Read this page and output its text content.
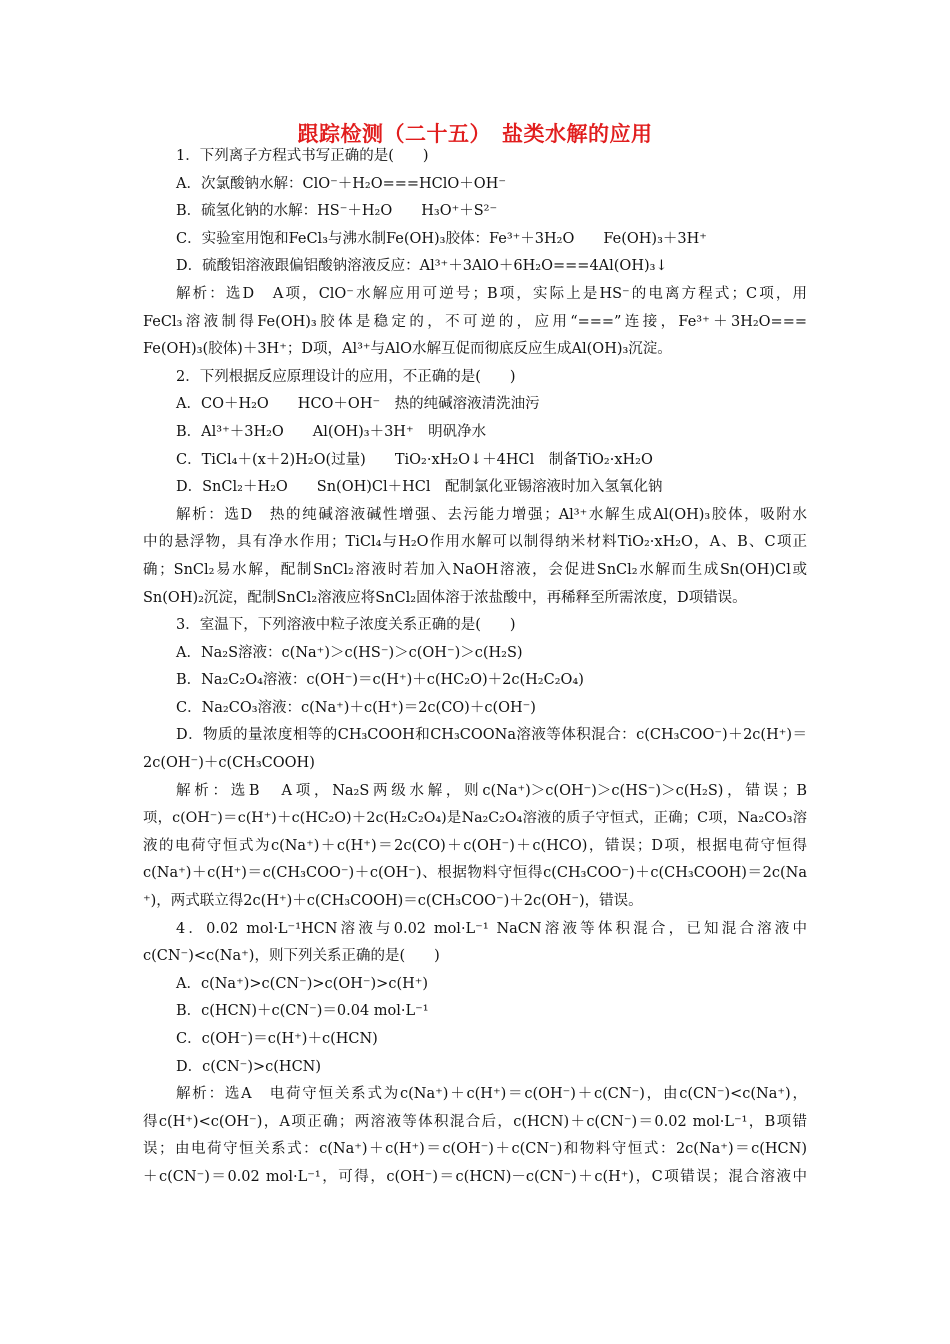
跟踪检测（二十五）　盐类水解的应用
1．下列离子方程式书写正确的是(　　)
A．次氯酸钠水解：ClO⁻＋H₂O===HClO＋OH⁻
B．硫氢化钠的水解：HS⁻＋H₂O　　H₃O⁺＋S²⁻
C．实验室用饱和FeCl₃与沸水制Fe(OH)₃胶体：Fe³⁺＋3H₂O　　Fe(OH)₃＋3H⁺
D．硫酸铝溶液跟偏铝酸钠溶液反应：Al³⁺＋3AlO＋6H₂O===4Al(OH)₃↓
解析：选D　A项，ClO⁻水解应用可逆号；B项，实际上是HS⁻的电离方程式；C项，用
FeCl₃溶液制得Fe(OH)₃胶体是稳定的，不可逆的，应用“===”连接，Fe³⁺＋3H₂O===
Fe(OH)₃(胶体)＋3H⁺；D项，Al³⁺与AlO水解互促而彻底反应生成Al(OH)₃沉淀。
2．下列根据反应原理设计的应用，不正确的是(　　)
A．CO＋H₂O　　HCO＋OH⁻　热的纯碱溶液清洗油污
B．Al³⁺＋3H₂O　　Al(OH)₃＋3H⁺　明矾净水
C．TiCl₄＋(x＋2)H₂O(过量)　　TiO₂·xH₂O↓＋4HCl　制备TiO₂·xH₂O
D．SnCl₂＋H₂O　　Sn(OH)Cl＋HCl　配制氯化亚锡溶液时加入氢氧化钠
解析：选D　热的纯碱溶液碱性增强、去污能力增强；Al³⁺水解生成Al(OH)₃胶体，吸附水
中的悬浮物，具有净水作用；TiCl₄与H₂O作用水解可以制得纳米材料TiO₂·xH₂O，A、B、C项正
确；SnCl₂易水解，配制SnCl₂溶液时若加入NaOH溶液，会促进SnCl₂水解而生成Sn(OH)Cl或
Sn(OH)₂沉淀，配制SnCl₂溶液应将SnCl₂固体溶于浓盐酸中，再稀释至所需浓度，D项错误。
3．室温下，下列溶液中粒子浓度关系正确的是(　　)
A．Na₂S溶液：c(Na⁺)＞c(HS⁻)＞c(OH⁻)＞c(H₂S)
B．Na₂C₂O₄溶液：c(OH⁻)＝c(H⁺)＋c(HC₂O)＋2c(H₂C₂O₄)
C．Na₂CO₃溶液：c(Na⁺)＋c(H⁺)＝2c(CO)＋c(OH⁻)
D．物质的量浓度相等的CH₃COOH和CH₃COONa溶液等体积混合：c(CH₃COO⁻)＋2c(H⁺)＝
2c(OH⁻)＋c(CH₃COOH)
解析：选B　A项，Na₂S两级水解，则c(Na⁺)＞c(OH⁻)＞c(HS⁻)＞c(H₂S)，错误；B
项，c(OH⁻)＝c(H⁺)＋c(HC₂O)＋2c(H₂C₂O₄)是Na₂C₂O₄溶液的质子守恒式，正确；C项，Na₂CO₃溶
液的电荷守恒式为c(Na⁺)＋c(H⁺)＝2c(CO)＋c(OH⁻)＋c(HCO)，错误；D项，根据电荷守恒得
c(Na⁺)＋c(H⁺)＝c(CH₃COO⁻)＋c(OH⁻)、根据物料守恒得c(CH₃COO⁻)＋c(CH₃COOH)＝2c(Na
⁺)，两式联立得2c(H⁺)＋c(CH₃COOH)＝c(CH₃COO⁻)＋2c(OH⁻)，错误。
4．0.02 mol·L⁻¹HCN溶液与0.02 mol·L⁻¹ NaCN溶液等体积混合，已知混合溶液中
c(CN⁻)<c(Na⁺)，则下列关系正确的是(　　)
A．c(Na⁺)>c(CN⁻)>c(OH⁻)>c(H⁺)
B．c(HCN)＋c(CN⁻)＝0.04 mol·L⁻¹
C．c(OH⁻)＝c(H⁺)＋c(HCN)
D．c(CN⁻)>c(HCN)
解析：选A　电荷守恒关系式为c(Na⁺)＋c(H⁺)＝c(OH⁻)＋c(CN⁻)，由c(CN⁻)<c(Na⁺)，
得c(H⁺)<c(OH⁻)，A项正确；两溶液等体积混合后，c(HCN)＋c(CN⁻)＝0.02 mol·L⁻¹，B项错
误；由电荷守恒关系式：c(Na⁺)＋c(H⁺)＝c(OH⁻)＋c(CN⁻)和物料守恒式：2c(Na⁺)＝c(HCN)
＋c(CN⁻)＝0.02 mol·L⁻¹，可得，c(OH⁻)＝c(HCN)－c(CN⁻)＋c(H⁺)，C项错误；混合溶液中
